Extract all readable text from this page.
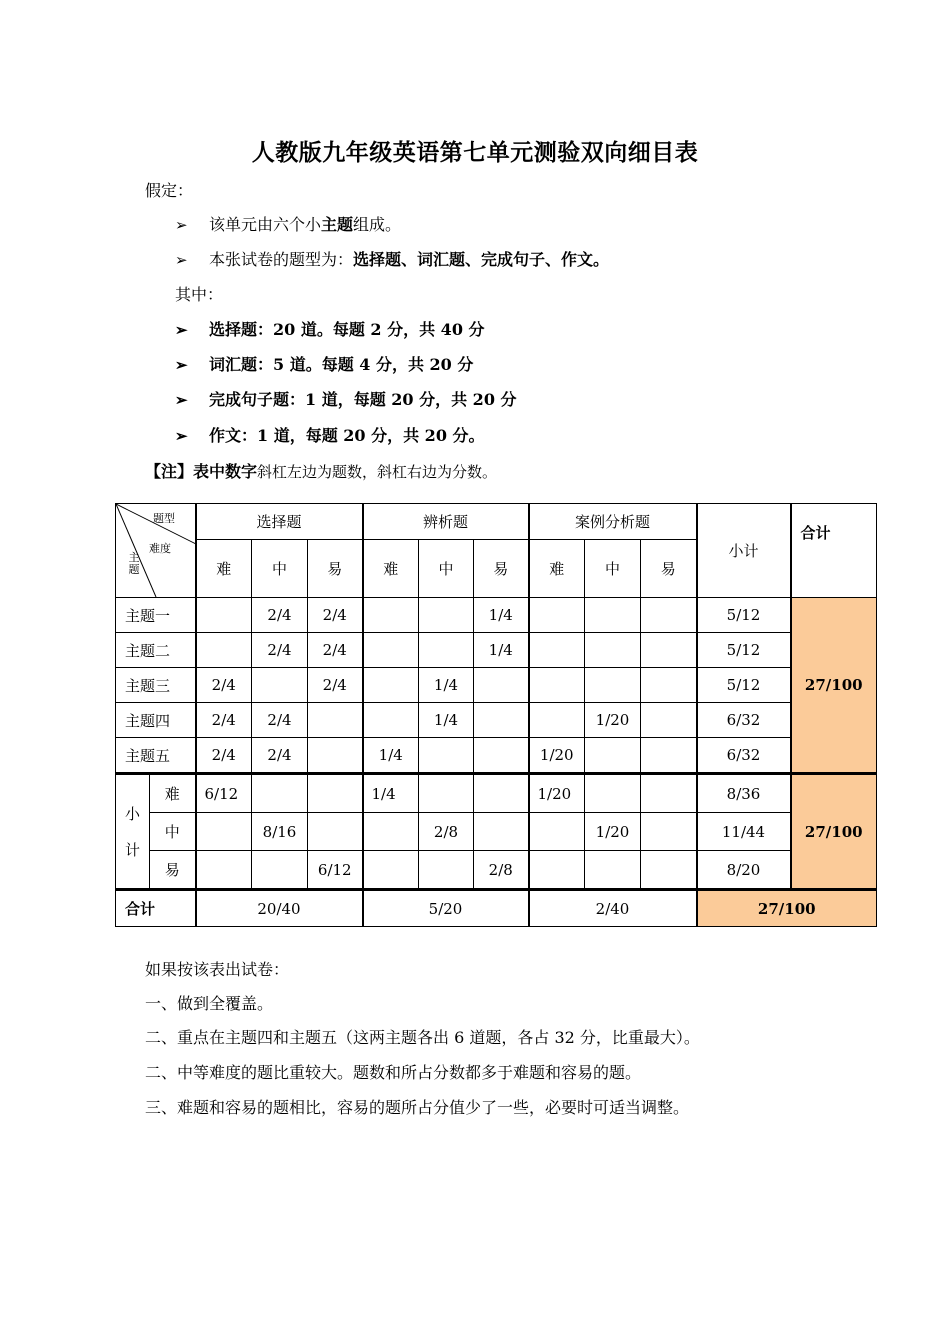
人教版九年级英语第七单元测验双向细目表
假定：
➢ 该单元由六个小主题组成。
➢ 本张试卷的题型为：选择题、词汇题、完成句子、作文。
其中：
➢ 选择题：20 道。每题 2 分，共 40 分
➢ 词汇题：5 道。每题 4 分，共 20 分
➢ 完成句子题：1 道，每题 20 分，共 20 分
➢ 作文：1 道，每题 20 分，共 20 分。
【注】表中数字斜杠左边为题数，斜杠右边为分数。
题型
难度
主
题		选择题			辨析题			案例分析题			小计	合计
		难	中	易	难	中	易	难	中	易		
主题一			2/4	2/4			1/4				5/12	27/100
主题二			2/4	2/4			1/4				5/12	
主题三		2/4		2/4		1/4					5/12	
主题四		2/4	2/4			1/4			1/20		6/32	
主题五		2/4	2/4		1/4			1/20			6/32	
小

计	难	6/12			1/4			1/20			8/36	27/100
	中		8/16			2/8			1/20		11/44	
	易			6/12			2/8				8/20	
合计		20/40			5/20			2/40			27/100	
如果按该表出试卷：
一、做到全覆盖。
二、重点在主题四和主题五（这两主题各出 6 道题，各占 32 分，比重最大）。
二、中等难度的题比重较大。题数和所占分数都多于难题和容易的题。
三、难题和容易的题相比，容易的题所占分值少了一些，必要时可适当调整。
